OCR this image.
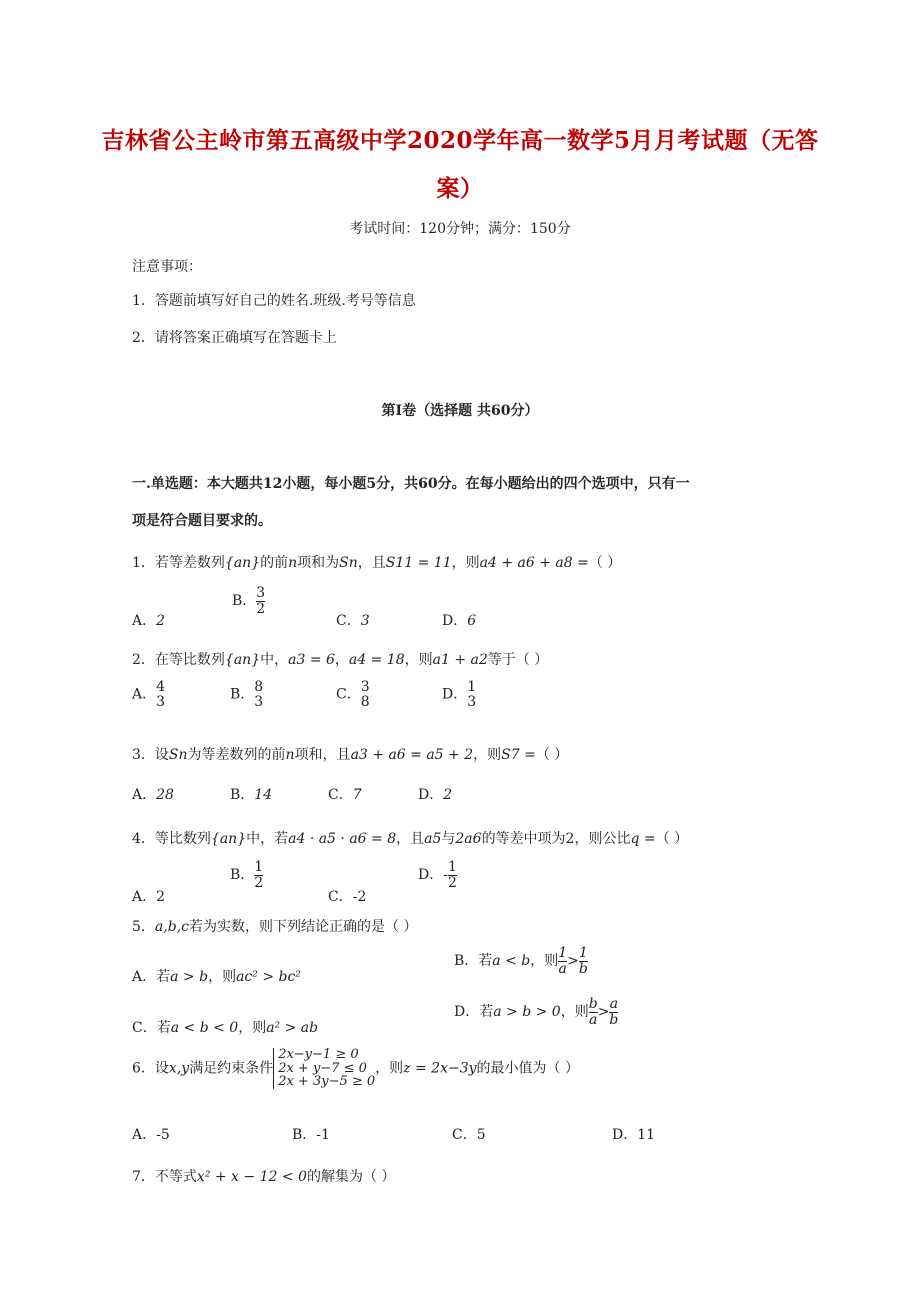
吉林省公主岭市第五高级中学2020学年高一数学5月月考试题（无答
案）
考试时间：120分钟；满分：150分
注意事项：
1．答题前填写好自己的姓名.班级.考号等信息
2．请将答案正确填写在答题卡上
第Ⅰ卷（选择题 共60分）
一.单选题：本大题共12小题，每小题5分，共60分。在每小题给出的四个选项中，只有一
项是符合题目要求的。
1．若等差数列{an}的前n项和为Sn，且S11 = 11，则a4 + a6 + a8 =（ ）
A．2
B． $\frac{3}{2}$
C．3	D．6
2．在等比数列{an}中，a3 = 6，a4 = 18，则a1 + a2等于（ ）
A． 4
3	B． 8
3	C． 3
8	D． 1
3
3．设Sn为等差数列的前n项和，且a3 + a6 = a5 + 2，则S7 =（ ）
A．28	B．14	C．7	D．2
4．等比数列{an}中，若a4 · a5 · a6 = 8，且a5与2a6的等差中项为2，则公比q =（ ）
A．2
B． $\frac{1}{2}$
C．-2
D．- $\frac{1}{2}$
5．a,b,c若为实数，则下列结论正确的是（ ）
A．若a > b，则ac² > bc²
B．若a < b，则 $\frac{1}{a} > \frac{1}{b}$
C．若a < b < 0，则a² > ab
D．若a > b > 0，则 $\frac{b}{a} > \frac{a}{b}$
6．设x,y满足约束条件
2x−y−1 ≥ 0
2x + y−7 ≤ 0
2x + 3y−5 ≥ 0
，则z = 2x−3y的最小值为（ ）
A．-5	B．-1	C．5	D．11
7．不等式x² + x − 12 < 0的解集为（ ）
